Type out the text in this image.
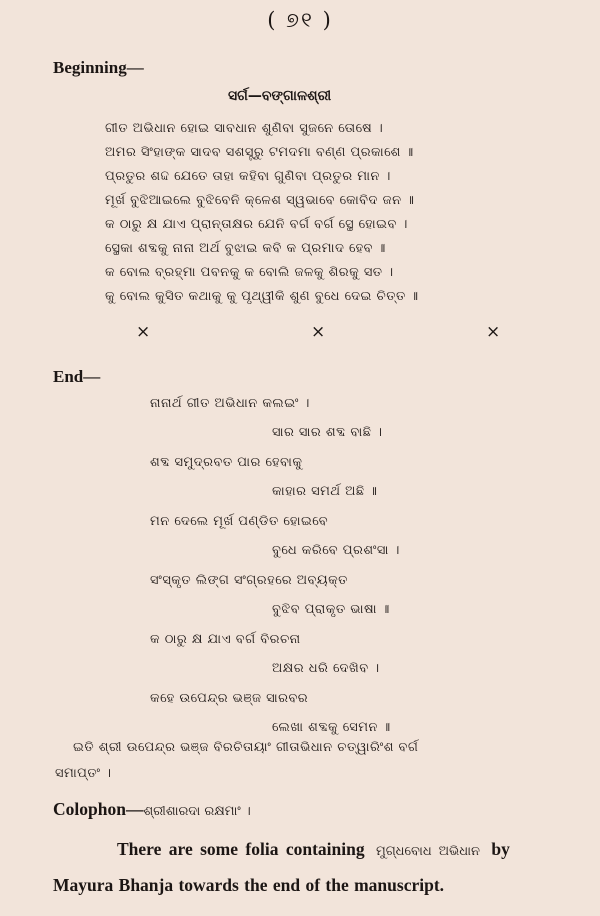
( ୭୧ )
Beginning—
ସର୍ଗ—ବଙ୍ଗାଳଶ୍ରୀ
ଗୀତ ଅଭିଧାନ ହୋଇ ସାବଧାନ ଶୁଣିବା ସୁଜନେ ତୋଷେ ।
ଅମର ସିଂହାଙ୍କ ସାଦବ ସଶସ୍ତ୍ରୁ ଟମଦମା ବଣ୍ଣ ପ୍ରକାଶେ ॥
ପ୍ରତୁର ଶଦ୍ଦ ଯେତେ ତାହା କହିବା ଗୁଣିବା ପ୍ରତୁର ମାନ ।
ମୂର୍ଖ ବୁଝିଆଇଲେ ବୁଝିବେନି କ୍ଳେଶ ସ୍ୱଭାବେ କୋବିଦ ଜନ ॥
କ ଠାରୁ କ୍ଷ ଯାଏ ପ୍ରାନ୍ତାକ୍ଷର ଯେନି ବର୍ଗ ବର୍ଗ ସ୍ଥେ ହୋଇବ ।
ସ୍ଥେକା ଶବ୍ଦକୁ ନାନା ଅର୍ଥ ବୁଝାଇ କବି କ ପ୍ରମାଦ ହେବ ॥
କ ବୋଲ ବ୍ରହ୍ମା ପବନକୁ କ ବୋଲି ଜଳକୁ ଶିରକୁ ସତ ।
କୁ ବୋଲ କୁସିତ କଥାକୁ କୁ ପୃଥ୍ୱୀକି ଶୁଣ ବୁଧେ ଦେଇ ଚିତ୍ତ ॥
×	×	×
End—
ନାନାର୍ଥ ଗୀତ ଅଭିଧାନ କଲଇଂ ।
ସାର ସାର ଶବ୍ଦ ବାଛି ।
ଶବ୍ଦ ସମୁଦ୍ରବତ ପାର ହେବାକୁ
କାହାର ସମର୍ଥ ଅଛି ॥
ମନ ଦେଲେ ମୂର୍ଖ ପଣ୍ଡିତ ହୋଇବେ
ବୁଧେ କରିବେ ପ୍ରଶଂସା ।
ସଂସ୍କୃତ ଲିଙ୍ଗ ସଂଗ୍ରହରେ ଅବ୍ୟକ୍ତ
ବୁଝିବ ପ୍ରାକୃତ ଭାଷା ॥
କ ଠାରୁ କ୍ଷ ଯାଏ ବର୍ଗ ବିରଚନା
ଅକ୍ଷର ଧରି ଦେଖିବ ।
କହେ ଉପେନ୍ଦ୍ର ଭଞ୍ଜ ସାରବର
ଲେଖା ଶବ୍ଦକୁ ସେମନ ॥
ଇତି ଶ୍ରୀ ଉପେନ୍ଦ୍ର ଭଞ୍ଜ ବିରଚିତାୟାଂ ଗୀତାଭିଧାନ ଚତ୍ୱାରିଂଶ ବର୍ଗ
ସମାପ୍ତଂ ।
Colophon—ଶ୍ରୀଶାରଦା ରକ୍ଷମାଂ ।
There are some folia containing ମୁଗ୍ଧବୋଧ ଅଭିଧାନ by
Mayura Bhanja towards the end of the manuscript.
